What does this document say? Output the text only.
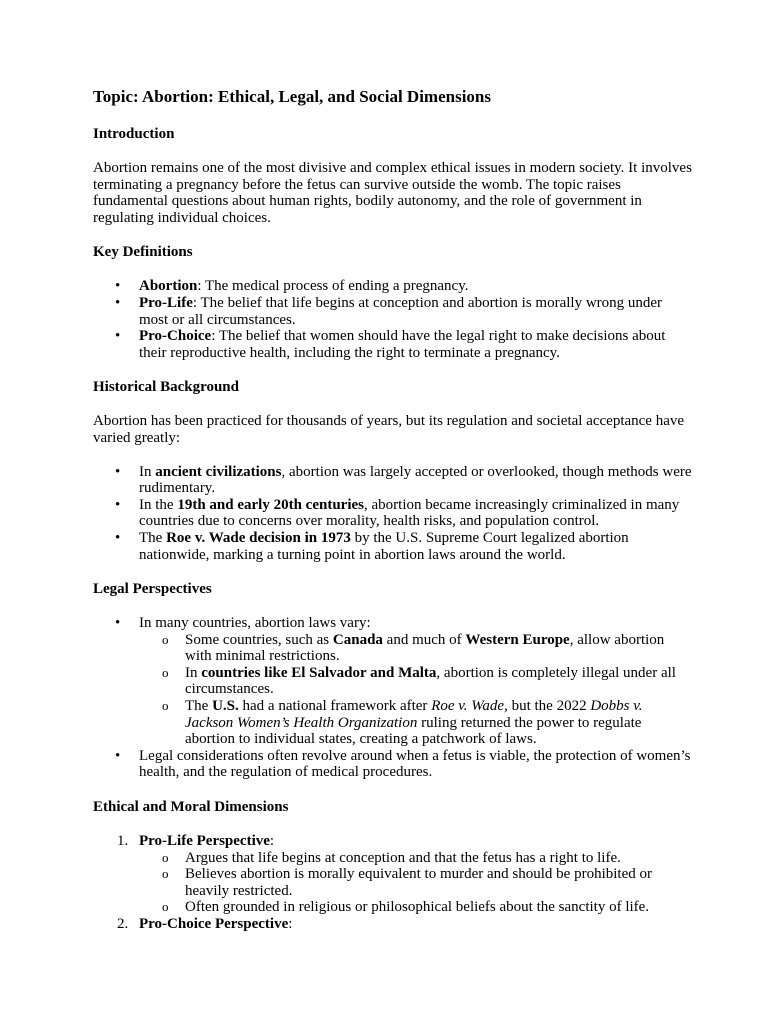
Topic: Abortion: Ethical, Legal, and Social Dimensions
Introduction

Abortion remains one of the most divisive and complex ethical issues in modern society. It involves terminating a pregnancy before the fetus can survive outside the womb. The topic raises fundamental questions about human rights, bodily autonomy, and the role of government in regulating individual choices.

Key Definitions
• Abortion: The medical process of ending a pregnancy.
• Pro-Life: The belief that life begins at conception and abortion is morally wrong under most or all circumstances.
• Pro-Choice: The belief that women should have the legal right to make decisions about their reproductive health, including the right to terminate a pregnancy.
Historical Background

Abortion has been practiced for thousands of years, but its regulation and societal acceptance have varied greatly:

• In ancient civilizations, abortion was largely accepted or overlooked, though methods were rudimentary.
• In the 19th and early 20th centuries, abortion became increasingly criminalized in many countries due to concerns over morality, health risks, and population control.
• The Roe v. Wade decision in 1973 by the U.S. Supreme Court legalized abortion nationwide, marking a turning point in abortion laws around the world.
Legal Perspectives
• In many countries, abortion laws vary:
o Some countries, such as Canada and much of Western Europe, allow abortion with minimal restrictions.
o In countries like El Salvador and Malta, abortion is completely illegal under all circumstances.
o The U.S. had a national framework after Roe v. Wade, but the 2022 Dobbs v. Jackson Women’s Health Organization ruling returned the power to regulate abortion to individual states, creating a patchwork of laws.
• Legal considerations often revolve around when a fetus is viable, the protection of women’s health, and the regulation of medical procedures.
Ethical and Moral Dimensions
1. Pro-Life Perspective:
o Argues that life begins at conception and that the fetus has a right to life.
o Believes abortion is morally equivalent to murder and should be prohibited or heavily restricted.
o Often grounded in religious or philosophical beliefs about the sanctity of life.
2. Pro-Choice Perspective:
